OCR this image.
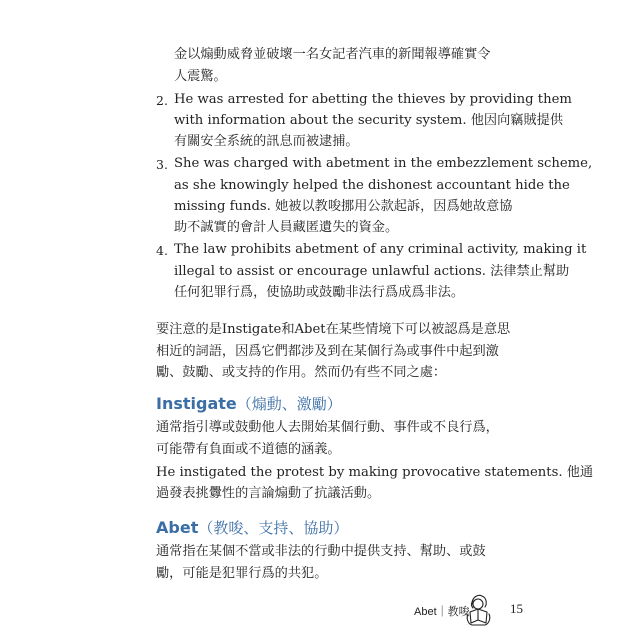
金以煽動威脅並破壞一名女記者汽車的新聞報導確實令
人震驚。
2. He was arrested for abetting the thieves by providing them
with information about the security system. 他因向竊賊提供
有關安全系統的訊息而被逮捕。
3. She was charged with abetment in the embezzlement scheme,
as she knowingly helped the dishonest accountant hide the
missing funds. 她被以教唆挪用公款起訴，因爲她故意協
助不誠實的會計人員藏匿遺失的資金。
4. The law prohibits abetment of any criminal activity, making it
illegal to assist or encourage unlawful actions. 法律禁止幫助
任何犯罪行爲，使協助或鼓勵非法行爲成爲非法。
要注意的是Instigate和Abet在某些情境下可以被認爲是意思
相近的詞語，因爲它們都涉及到在某個行為或事件中起到激
勵、鼓勵、或支持的作用。然而仍有些不同之處：
Instigate（煽動、激勵）
通常指引導或鼓動他人去開始某個行動、事件或不良行爲，
可能帶有負面或不道德的涵義。
He instigated the protest by making provocative statements. 他通
過發表挑釁性的言論煽動了抗議活動。
Abet（教唆、支持、協助）
通常指在某個不當或非法的行動中提供支持、幫助、或鼓
勵，可能是犯罪行爲的共犯。
Abet｜教唆	15
